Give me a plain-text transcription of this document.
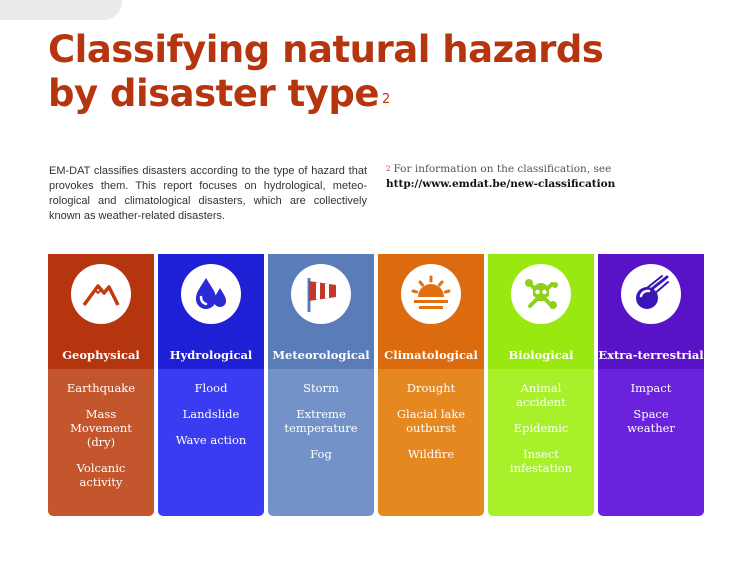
Classifying natural hazards by disaster type $^2$

EM-DAT classifies disasters according to the type of hazard that provokes them. This report focuses on hydrological, meteorological and climatological disasters, which are collectively known as weather-related disasters.

$^2$ For information on the classification, see
http://www.emdat.be/new-classification

Geophysical
Earthquake
Mass Movement (dry)
Volcanic activity
Hydrological
Flood
Landslide
Wave action
Meteorological
Storm
Extreme temperature
Fog
Climatological
Drought
Glacial lake outburst
Wildfire
Biological
Animal accident
Epidemic
Insect infestation
Extra-terrestrial
Impact
Space weather
